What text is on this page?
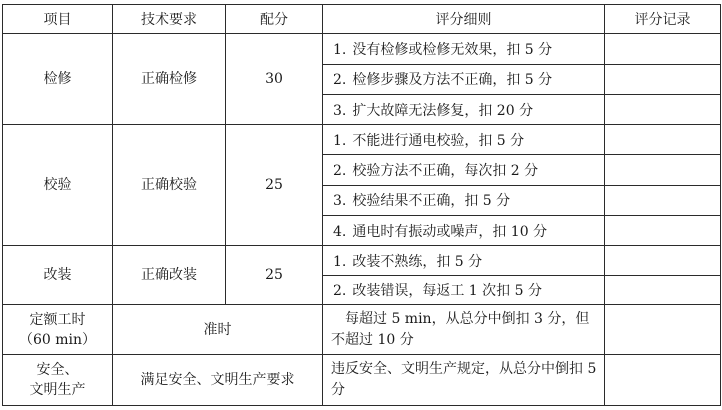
项目	技术要求	配分	评分细则	评分记录
检修	正确检修	30	1. 没有检修或检修无效果，扣 5 分	
			2. 检修步骤及方法不正确，扣 5 分	
			3. 扩大故障无法修复，扣 20 分	
校验	正确校验	25	1. 不能进行通电校验，扣 5 分	
			2. 校验方法不正确，每次扣 2 分	
			3. 校验结果不正确，扣 5 分	
			4. 通电时有振动或噪声，扣 10 分	
改装	正确改装	25	1. 改装不熟练，扣 5 分	
			2. 改装错误，每返工 1 次扣 5 分	

定额工时
（60 min）	准时		每超过 5 min，从总分中倒扣 3 分，但不超过 10 分	

安全、
文明生产	满足安全、文明生产要求		违反安全、文明生产规定，从总分中倒扣 5 分	
